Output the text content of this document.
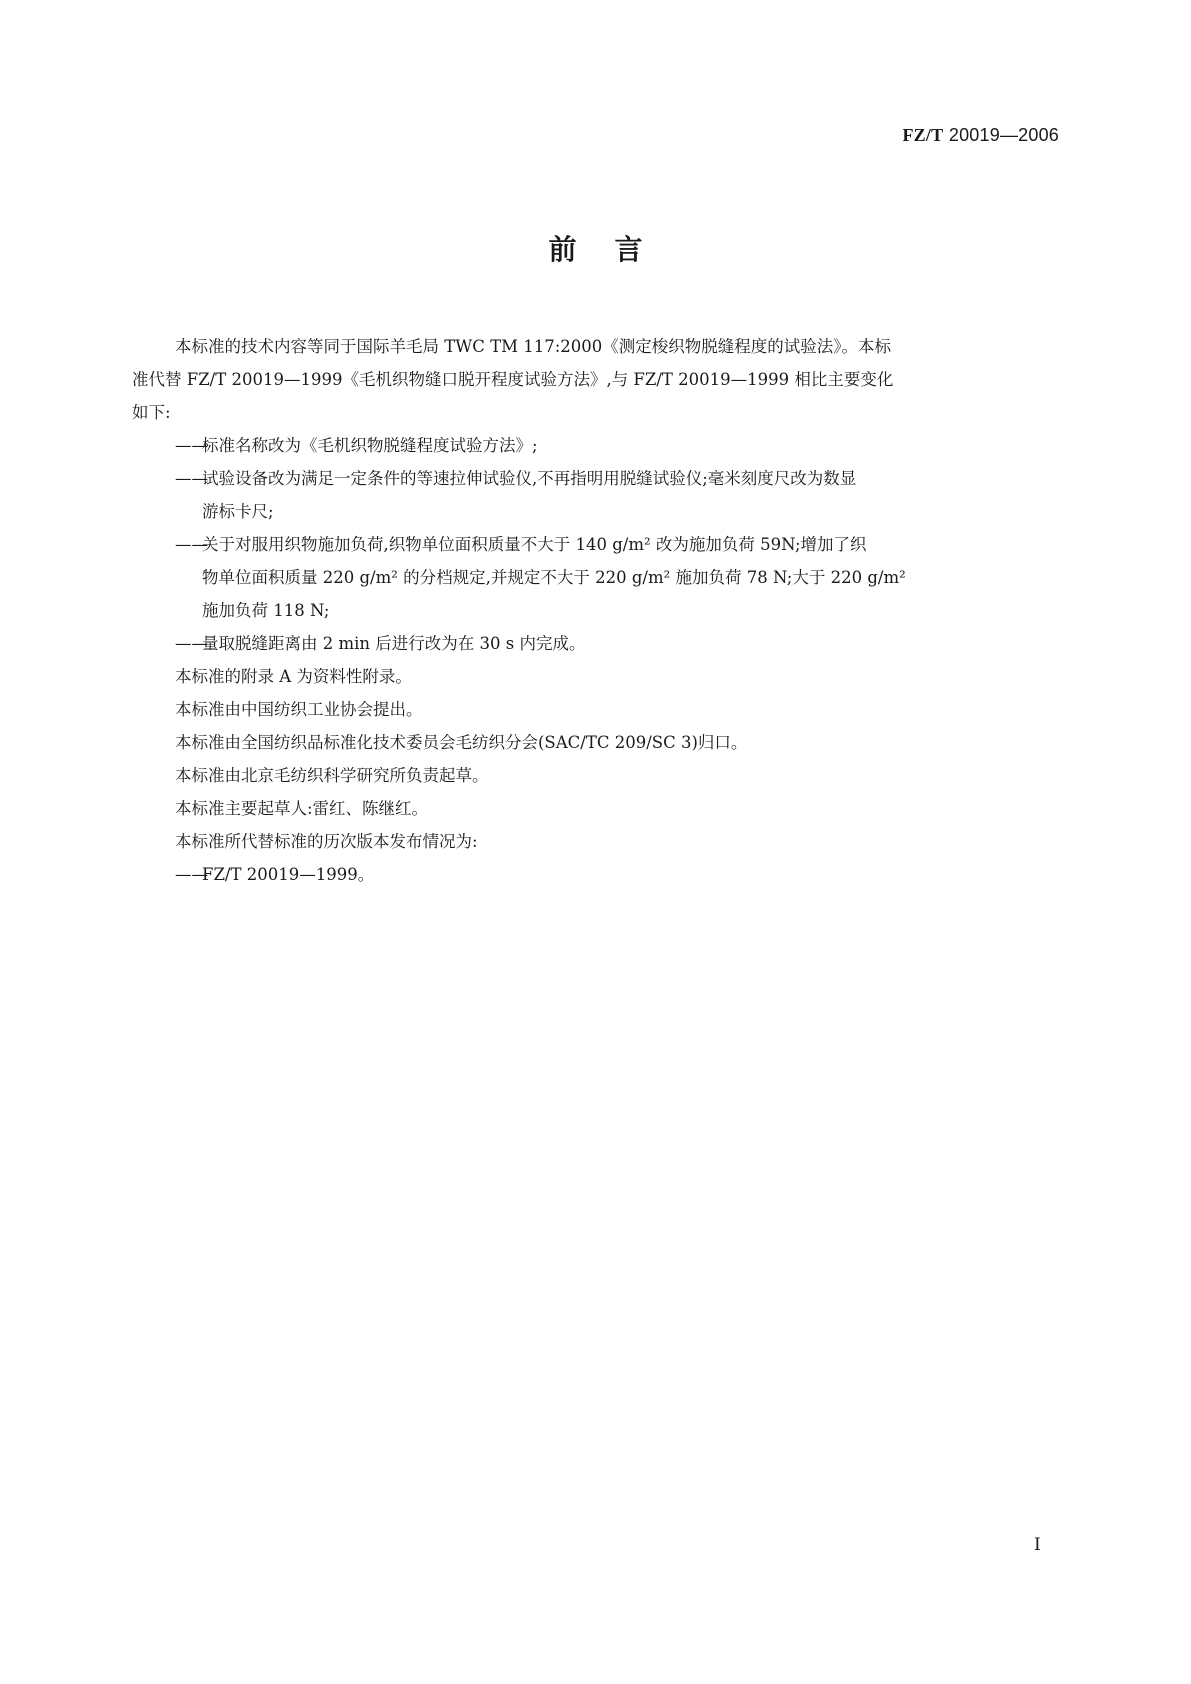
FZ/T 20019—2006
前言
本标准的技术内容等同于国际羊毛局 TWC TM 117:2000《测定梭织物脱缝程度的试验法》。本标
准代替 FZ/T 20019—1999《毛机织物缝口脱开程度试验方法》,与 FZ/T 20019—1999 相比主要变化
如下:
——
标准名称改为《毛机织物脱缝程度试验方法》;
——
试验设备改为满足一定条件的等速拉伸试验仪,不再指明用脱缝试验仪;毫米刻度尺改为数显
游标卡尺;
——
关于对服用织物施加负荷,织物单位面积质量不大于 140 g/m² 改为施加负荷 59N;增加了织
物单位面积质量 220 g/m² 的分档规定,并规定不大于 220 g/m² 施加负荷 78 N;大于 220 g/m²
施加负荷 118 N;
——
量取脱缝距离由 2 min 后进行改为在 30 s 内完成。
本标准的附录 A 为资料性附录。
本标准由中国纺织工业协会提出。
本标准由全国纺织品标准化技术委员会毛纺织分会(SAC/TC 209/SC 3)归口。
本标准由北京毛纺织科学研究所负责起草。
本标准主要起草人:雷红、陈继红。
本标准所代替标准的历次版本发布情况为:
——
FZ/T 20019—1999。
I
